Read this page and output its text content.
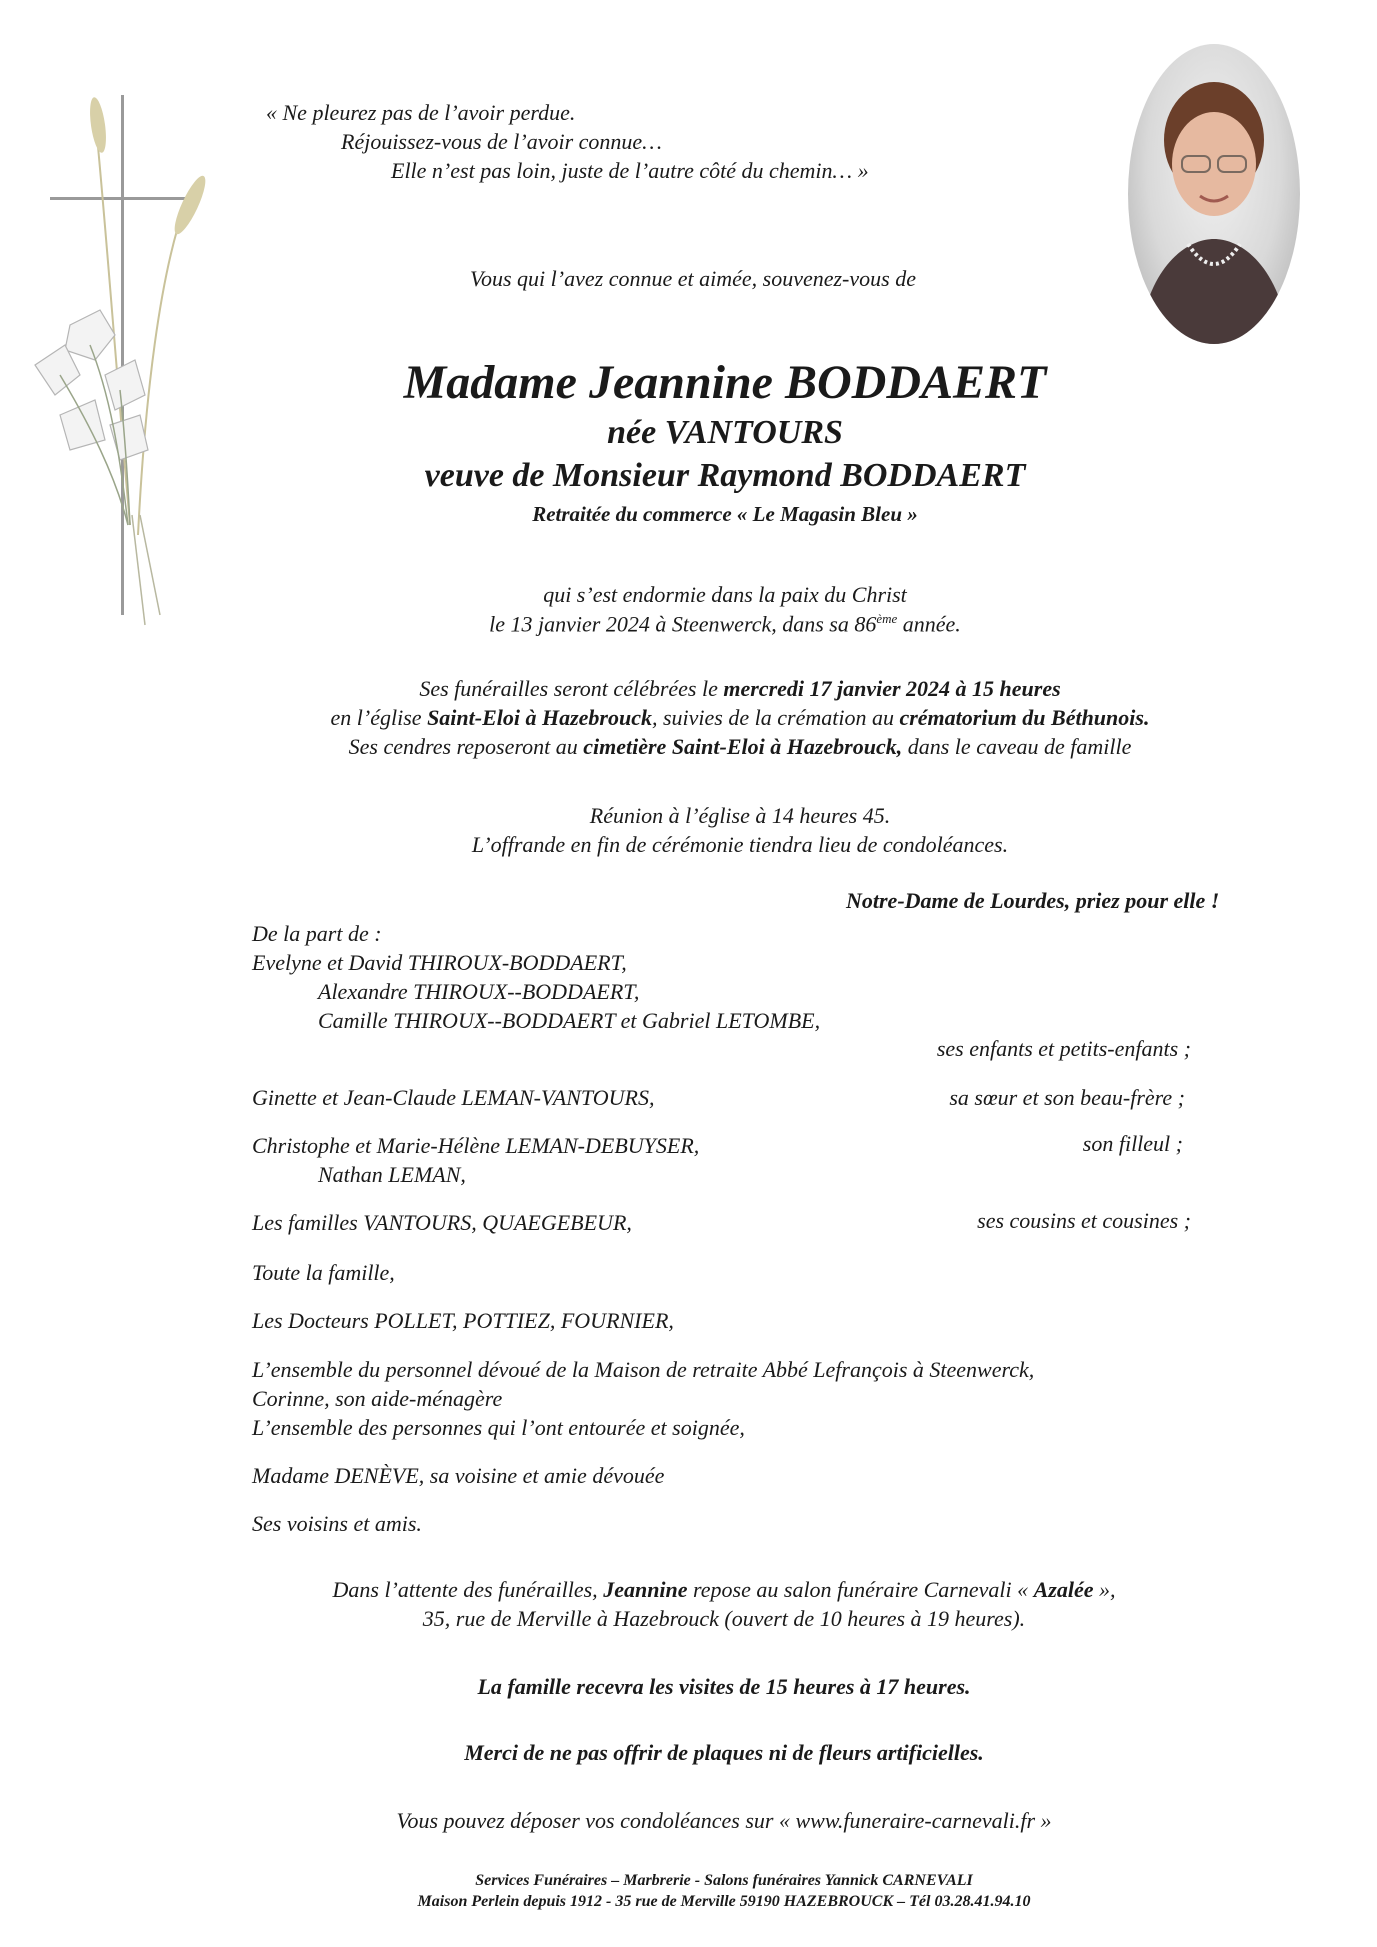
« Ne pleurez pas de l’avoir perdue.
Réjouissez-vous de l’avoir connue…
Elle n’est pas loin, juste de l’autre côté du chemin… »
Vous qui l’avez connue et aimée, souvenez-vous de
Madame Jeannine BODDAERT
née VANTOURS
veuve de Monsieur Raymond BODDAERT
Retraitée du commerce « Le Magasin Bleu »
qui s’est endormie dans la paix du Christ
le 13 janvier 2024 à Steenwerck, dans sa 86ème année.
Ses funérailles seront célébrées le mercredi 17 janvier 2024 à 15 heures
en l’église Saint-Eloi à Hazebrouck, suivies de la crémation au crématorium du Béthunois.
Ses cendres reposeront au cimetière Saint-Eloi à Hazebrouck, dans le caveau de famille
Réunion à l’église à 14 heures 45.
L’offrande en fin de cérémonie tiendra lieu de condoléances.
Notre-Dame de Lourdes, priez pour elle !
De la part de :
Evelyne et David THIROUX-BODDAERT,
Alexandre THIROUX--BODDAERT,
Camille THIROUX--BODDAERT et Gabriel LETOMBE,
ses enfants et petits-enfants ;
Ginette et Jean-Claude LEMAN-VANTOURS,	sa sœur et son beau-frère ;
Christophe et Marie-Hélène LEMAN-DEBUYSER,
Nathan LEMAN,
son filleul ;
Les familles VANTOURS, QUAEGEBEUR,	ses cousins et cousines ;
Toute la famille,
Les Docteurs POLLET, POTTIEZ, FOURNIER,
L’ensemble du personnel dévoué de la Maison de retraite Abbé Lefrançois à Steenwerck,
Corinne, son aide-ménagère
L’ensemble des personnes qui l’ont entourée et soignée,
Madame DENÈVE, sa voisine et amie dévouée
Ses voisins et amis.
Dans l’attente des funérailles, Jeannine repose au salon funéraire Carnevali « Azalée »,
35, rue de Merville à Hazebrouck (ouvert de 10 heures à 19 heures).
La famille recevra les visites de 15 heures à 17 heures.
Merci de ne pas offrir de plaques ni de fleurs artificielles.
Vous pouvez déposer vos condoléances sur « www.funeraire-carnevali.fr »
Services Funéraires – Marbrerie - Salons funéraires Yannick CARNEVALI
Maison Perlein depuis 1912 - 35 rue de Merville 59190 HAZEBROUCK – Tél 03.28.41.94.10
